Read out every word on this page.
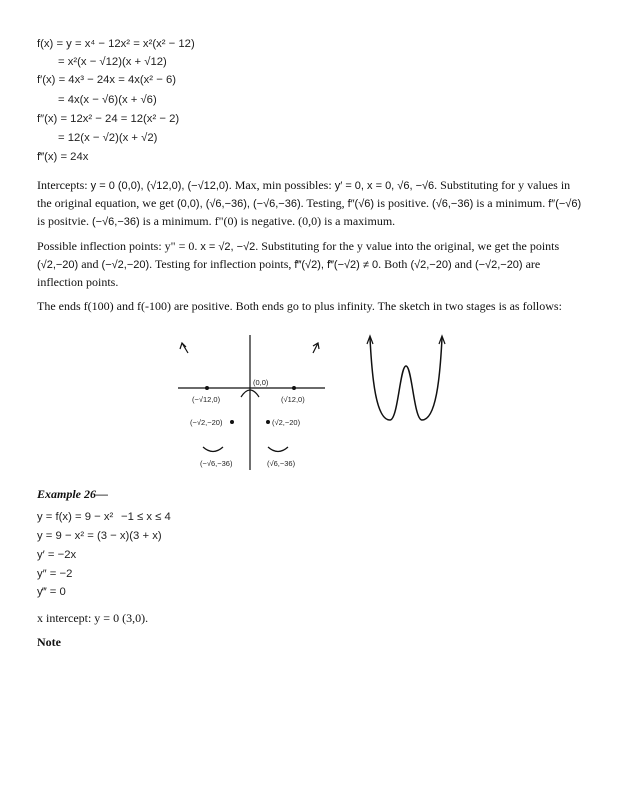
f(x) = y = x⁴ − 12x² = x²(x² − 12)
= x²(x − √12)(x + √12)
f′(x) = 4x³ − 24x = 4x(x² − 6)
= 4x(x − √6)(x + √6)
f″(x) = 12x² − 24 = 12(x² − 2)
= 12(x − √2)(x + √2)
f‴(x) = 24x

Intercepts: y = 0 (0,0), (√12,0), (−√12,0). Max, min possibles: y′ = 0, x = 0, √6, −√6. Substituting for y values in the original equation, we get (0,0), (√6,−36), (−√6,−36). Testing, f″(√6) is positive. (√6,−36) is a minimum. f″(−√6) is positvie. (−√6,−36) is a minimum. f"(0) is negative. (0,0) is a maximum.

Possible inflection points: y" = 0. x = √2, −√2. Substituting for the y value into the original, we get the points (√2,−20) and (−√2,−20). Testing for inflection points, f‴(√2), f‴(−√2) ≠ 0. Both (√2,−20) and (−√2,−20) are inflection points.

The ends f(100) and f(-100) are positive. Both ends go to plus infinity. The sketch in two stages is as follows:

(0,0)
(−√12,0)	(√12,0)
(−√2,−20)	(√2,−20)
(−√6,−36)	(√6,−36)
Example 26—
y = f(x) = 9 − x² −1 ≤ x ≤ 4
y = 9 − x² = (3 − x)(3 + x)
y′ = −2x
y″ = −2
y‴ = 0
x intercept: y = 0 (3,0).
Note
